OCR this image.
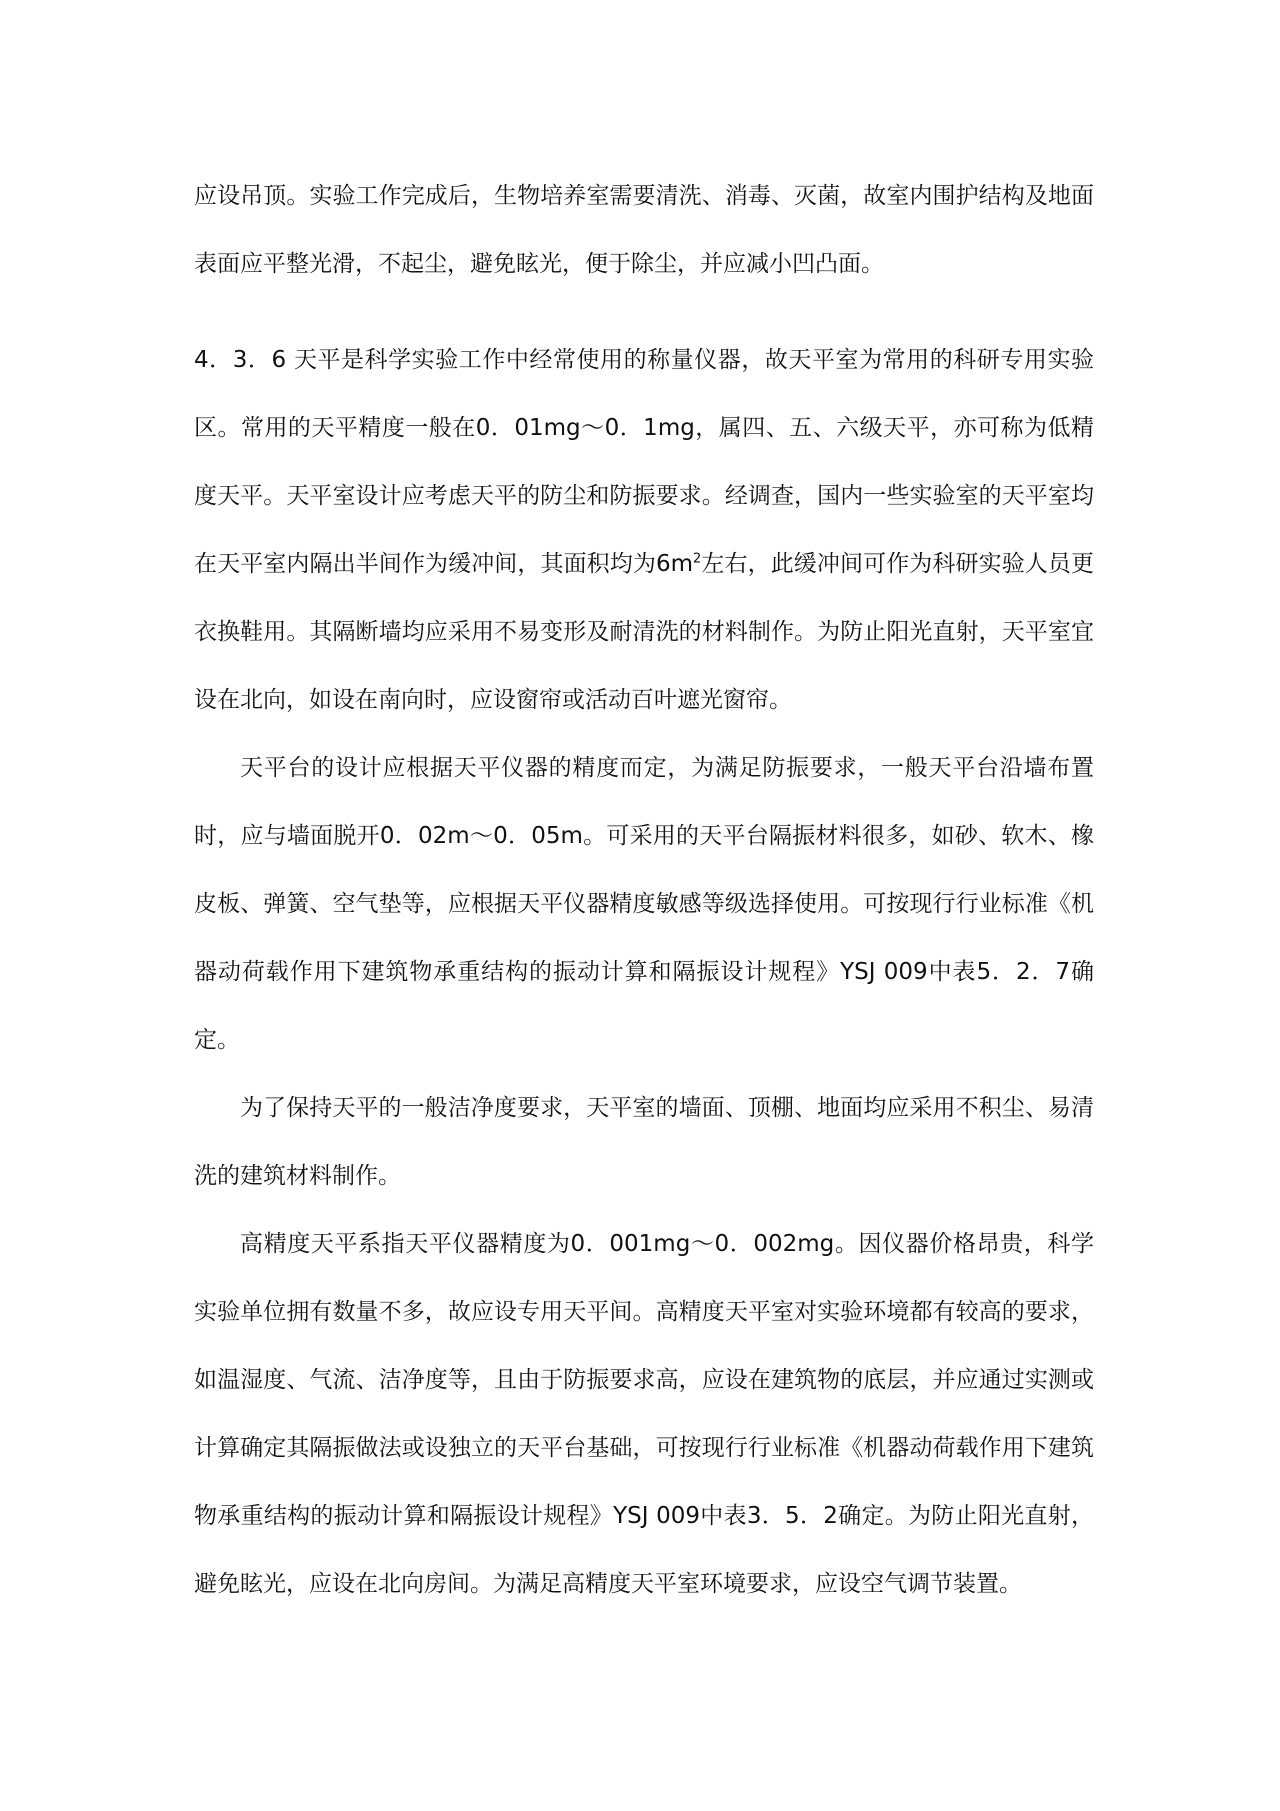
应设吊顶。实验工作完成后，生物培养室需要清洗、消毒、灭菌，故室内围护结构及地面表面应平整光滑，不起尘，避免眩光，便于除尘，并应减小凹凸面。

4．3．6 天平是科学实验工作中经常使用的称量仪器，故天平室为常用的科研专用实验区。常用的天平精度一般在0．01mg～0．1mg，属四、五、六级天平，亦可称为低精度天平。天平室设计应考虑天平的防尘和防振要求。经调查，国内一些实验室的天平室均在天平室内隔出半间作为缓冲间，其面积均为$6m^2$左右，此缓冲间可作为科研实验人员更衣换鞋用。其隔断墙均应采用不易变形及耐清洗的材料制作。为防止阳光直射，天平室宜设在北向，如设在南向时，应设窗帘或活动百叶遮光窗帘。

天平台的设计应根据天平仪器的精度而定，为满足防振要求，一般天平台沿墙布置时，应与墙面脱开0．02m～0．05m。可采用的天平台隔振材料很多，如砂、软木、橡皮板、弹簧、空气垫等，应根据天平仪器精度敏感等级选择使用。可按现行行业标准《机器动荷载作用下建筑物承重结构的振动计算和隔振设计规程》YSJ 009中表5．2．7确定。

为了保持天平的一般洁净度要求，天平室的墙面、顶棚、地面均应采用不积尘、易清洗的建筑材料制作。

高精度天平系指天平仪器精度为0．001mg～0．002mg。因仪器价格昂贵，科学实验单位拥有数量不多，故应设专用天平间。高精度天平室对实验环境都有较高的要求，如温湿度、气流、洁净度等，且由于防振要求高，应设在建筑物的底层，并应通过实测或计算确定其隔振做法或设独立的天平台基础，可按现行行业标准《机器动荷载作用下建筑物承重结构的振动计算和隔振设计规程》YSJ 009中表3．5．2确定。为防止阳光直射，避免眩光，应设在北向房间。为满足高精度天平室环境要求，应设空气调节装置。
